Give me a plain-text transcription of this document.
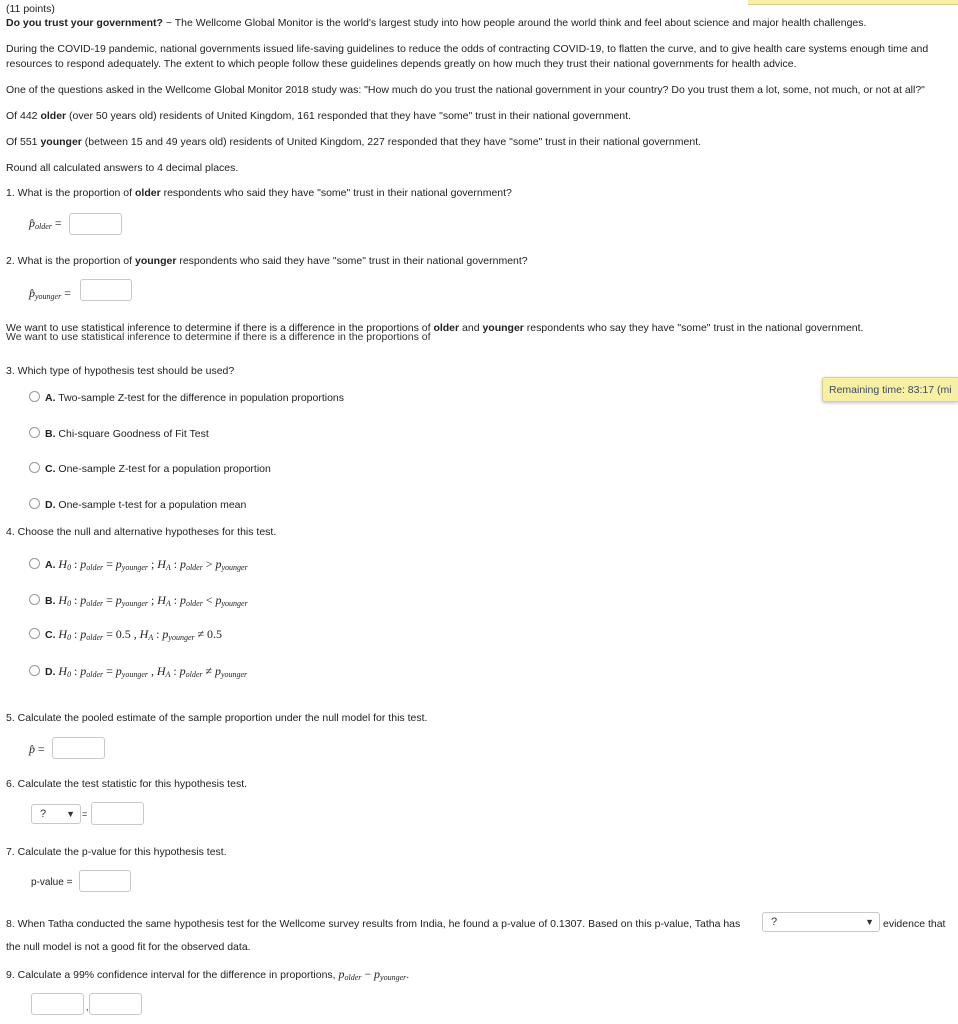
(11 points)
Do you trust your government? ~ The Wellcome Global Monitor is the world's largest study into how people around the world think and feel about science and major health challenges.
During the COVID-19 pandemic, national governments issued life-saving guidelines to reduce the odds of contracting COVID-19, to flatten the curve, and to give health care systems enough time and resources to respond adequately. The extent to which people follow these guidelines depends greatly on how much they trust their national governments for health advice.
One of the questions asked in the Wellcome Global Monitor 2018 study was: "How much do you trust the national government in your country? Do you trust them a lot, some, not much, or not at all?"
Of 442 older (over 50 years old) residents of United Kingdom, 161 responded that they have "some" trust in their national government.
Of 551 younger (between 15 and 49 years old) residents of United Kingdom, 227 responded that they have "some" trust in their national government.
Round all calculated answers to 4 decimal places.
1. What is the proportion of older respondents who said they have "some" trust in their national government?
p̂older =
2. What is the proportion of younger respondents who said they have "some" trust in their national government?
p̂younger =
We want to use statistical inference to determine if there is a difference in the proportions of older and younger respondents who say they have "some" trust in the national government.
We want to use statistical inference to determine if there is a difference in the proportions of
3. Which type of hypothesis test should be used?
A. Two-sample Z-test for the difference in population proportions
B. Chi-square Goodness of Fit Test
C. One-sample Z-test for a population proportion
D. One-sample t-test for a population mean
Remaining time: 83:17 (mi
4. Choose the null and alternative hypotheses for this test.
A. H0 : polder = pyounger ; HA : polder > pyounger
B. H0 : polder = pyounger ; HA : polder < pyounger
C. H0 : polder = 0.5 , HA : pyounger ≠ 0.5
D. H0 : polder = pyounger , HA : polder ≠ pyounger
5. Calculate the pooled estimate of the sample proportion under the null model for this test.
p̂ =
6. Calculate the test statistic for this hypothesis test.
? ▼ =
7. Calculate the p-value for this hypothesis test.
p-value =
8. When Tatha conducted the same hypothesis test for the Wellcome survey results from India, he found a p-value of 0.1307. Based on this p-value, Tatha has	?	▼ evidence that
the null model is not a good fit for the observed data.
9. Calculate a 99% confidence interval for the difference in proportions, polder − pyounger.
,
